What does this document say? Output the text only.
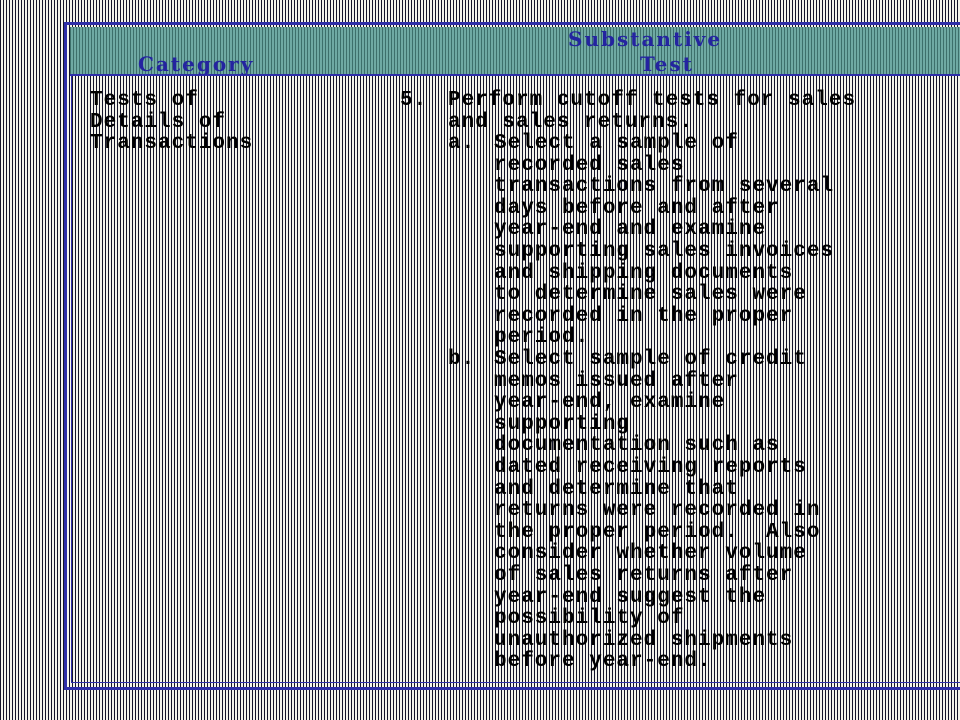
Category
Substantive
Test
Tests of
Details of
Transactions
5. Perform cutoff tests for sales
and sales returns.
a. Select a sample of
recorded sales
transactions from several
days before and after
year-end and examine
supporting sales invoices
and shipping documents
to determine sales were
recorded in the proper
period.
b. Select sample of credit
memos issued after
year-end, examine
supporting
documentation such as
dated receiving reports
and determine that
returns were recorded in
the proper period.  Also
consider whether volume
of sales returns after
year-end suggest the
possibility of
unauthorized shipments
before year-end.
